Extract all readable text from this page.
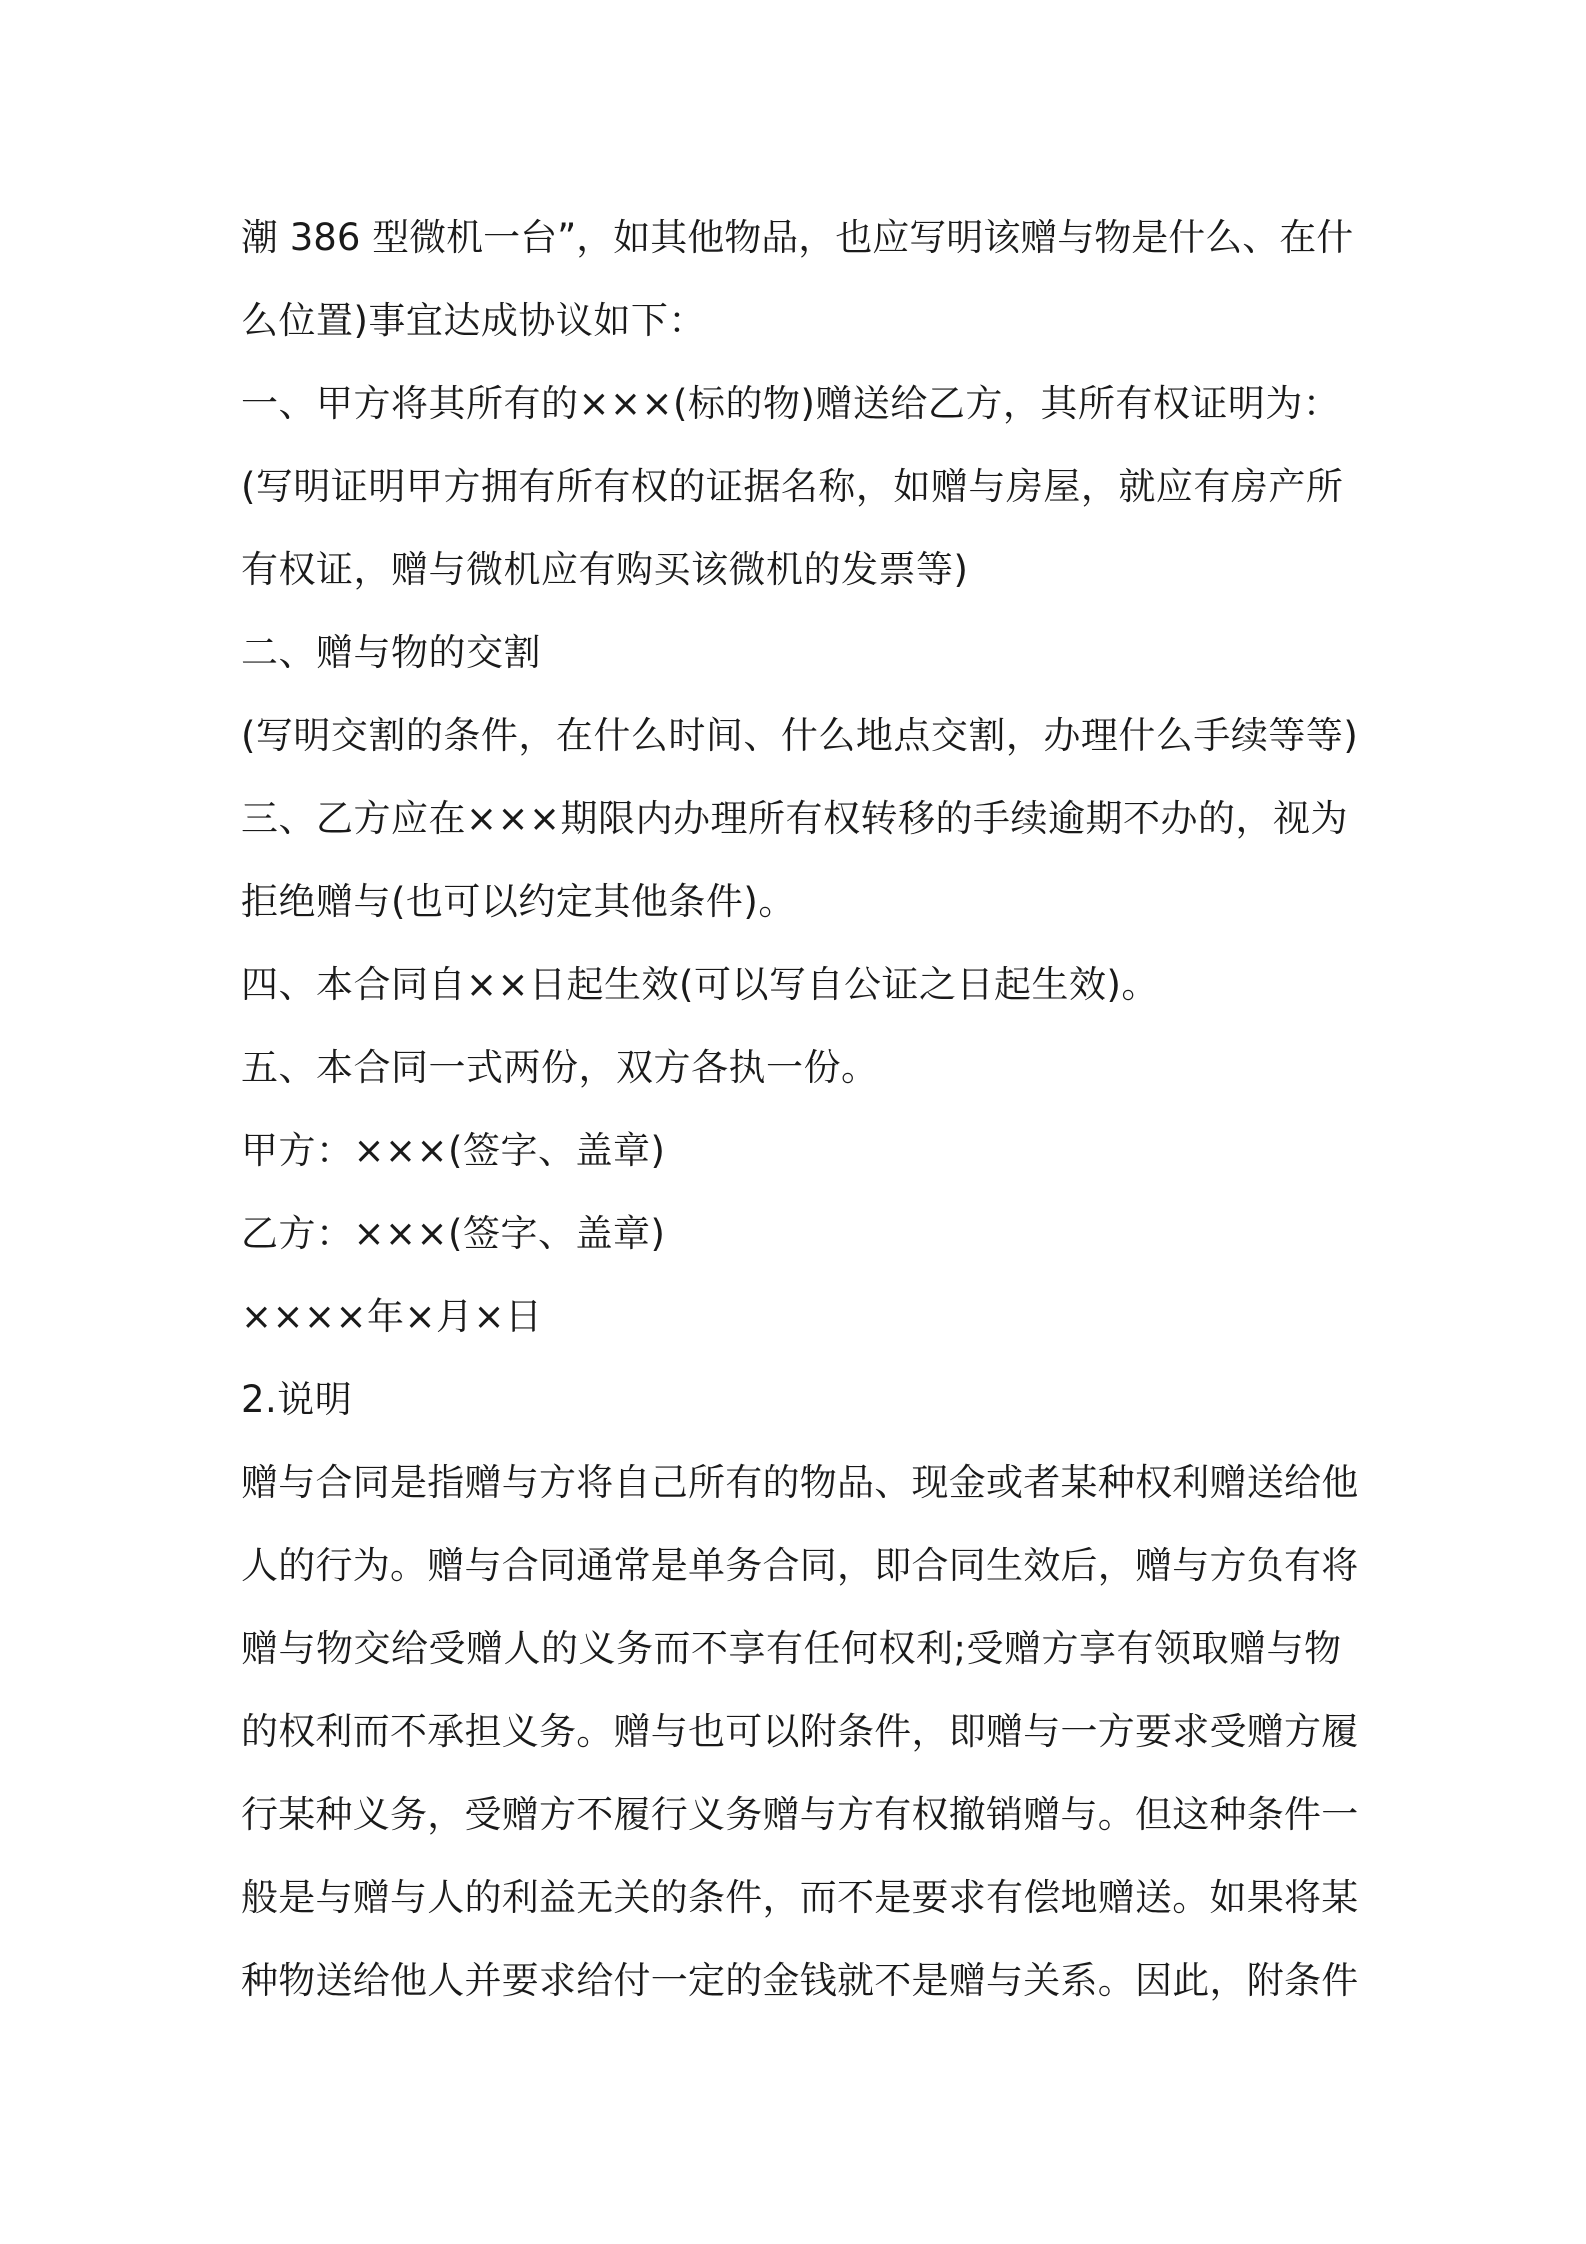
潮 386 型微机一台”，如其他物品，也应写明该赠与物是什么、在什
么位置)事宜达成协议如下：
一、甲方将其所有的×××(标的物)赠送给乙方，其所有权证明为：
(写明证明甲方拥有所有权的证据名称，如赠与房屋，就应有房产所
有权证，赠与微机应有购买该微机的发票等)
二、赠与物的交割
(写明交割的条件，在什么时间、什么地点交割，办理什么手续等等)
三、乙方应在×××期限内办理所有权转移的手续逾期不办的，视为
拒绝赠与(也可以约定其他条件)。
四、本合同自××日起生效(可以写自公证之日起生效)。
五、本合同一式两份，双方各执一份。
甲方：×××(签字、盖章)
乙方：×××(签字、盖章)
××××年×月×日
2.说明
赠与合同是指赠与方将自己所有的物品、现金或者某种权利赠送给他
人的行为。赠与合同通常是单务合同，即合同生效后，赠与方负有将
赠与物交给受赠人的义务而不享有任何权利;受赠方享有领取赠与物
的权利而不承担义务。赠与也可以附条件，即赠与一方要求受赠方履
行某种义务，受赠方不履行义务赠与方有权撤销赠与。但这种条件一
般是与赠与人的利益无关的条件，而不是要求有偿地赠送。如果将某
种物送给他人并要求给付一定的金钱就不是赠与关系。因此，附条件
